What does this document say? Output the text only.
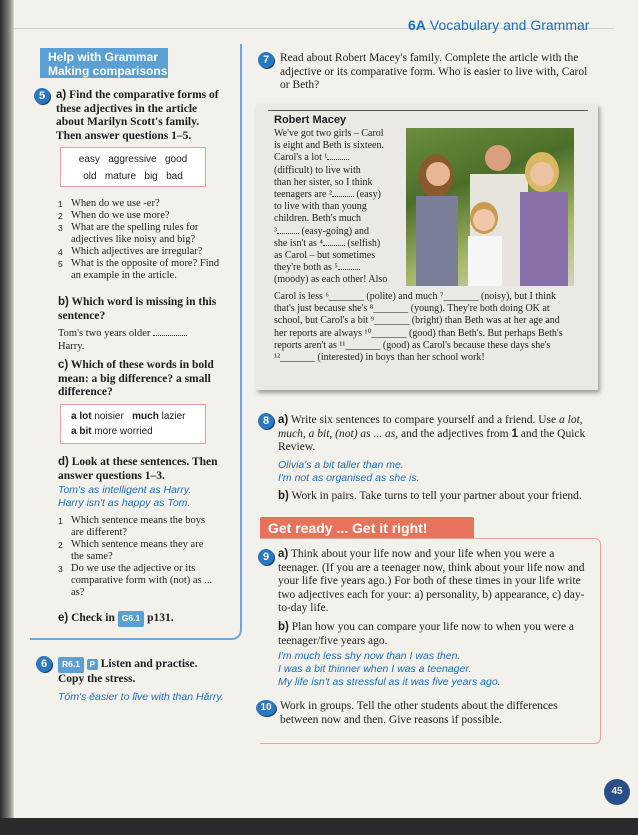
6A Vocabulary and Grammar
Help with Grammar
Making comparisons
5 a) Find the comparative forms of these adjectives in the article about Marilyn Scott's family. Then answer questions 1–5.
easy aggressive good
old mature big bad
1 When do we use -er?
2 When do we use more?
3 What are the spelling rules for adjectives like noisy and big?
4 Which adjectives are irregular?
5 What is the opposite of more? Find an example in the article.
b) Which word is missing in this sentence?
Tom's two years older
Harry.
c) Which of these words in bold mean: a big difference? a small difference?
a lot noisier much lazier
a bit more worried
d) Look at these sentences. Then answer questions 1–3.
Tom's as intelligent as Harry.
Harry isn't as happy as Tom.
1 Which sentence means the boys are different?
2 Which sentence means they are the same?
3 Do we use the adjective or its comparative form with (not) as ... as?
e) Check in G6.1 p131.
6	R6.1 P Listen and practise.
Copy the stress.
Tŏm's ĕasier to lĭve with than Hărry.
7 Read about Robert Macey's family. Complete the article with the adjective or its comparative form. Who is easier to live with, Carol or Beth?
Robert Macey
We've got two girls – Carol
is eight and Beth is sixteen.
Carol's a lot ¹
(difficult) to live with
than her sister, so I think
teenagers are ² (easy)
to live with than young
children. Beth's much
³ (easy-going) and
she isn't as ⁴ (selfish)
as Carol – but sometimes
they're both as ⁵
(moody) as each other! Also
Carol is less ⁶_______ (polite) and much ⁷_______ (noisy), but I think
that's just because she's ⁸_______ (young). They're both doing OK at
school, but Carol's a bit ⁹_______ (bright) than Beth was at her age and
her reports are always ¹⁰_______ (good) than Beth's. But perhaps Beth's
reports aren't as ¹¹_______ (good) as Carol's because these days she's
¹²_______ (interested) in boys than her school work!
8 a) Write six sentences to compare yourself and a friend. Use a lot, much, a bit, (not) as ... as, and the adjectives from 1 and the Quick Review.
Olivia's a bit taller than me.
I'm not as organised as she is.
b) Work in pairs. Take turns to tell your partner about your friend.
Get ready ... Get it right!
9 a) Think about your life now and your life when you were a teenager. (If you are a teenager now, think about your life now and your life five years ago.) For both of these times in your life write two adjectives each for your: a) personality, b) appearance, c) day-to-day life.
b) Plan how you can compare your life now to when you were a teenager/five years ago.
I'm much less shy now than I was then.
I was a bit thinner when I was a teenager.
My life isn't as stressful as it was five years ago.
10 Work in groups. Tell the other students about the differences between now and then. Give reasons if possible.
45
